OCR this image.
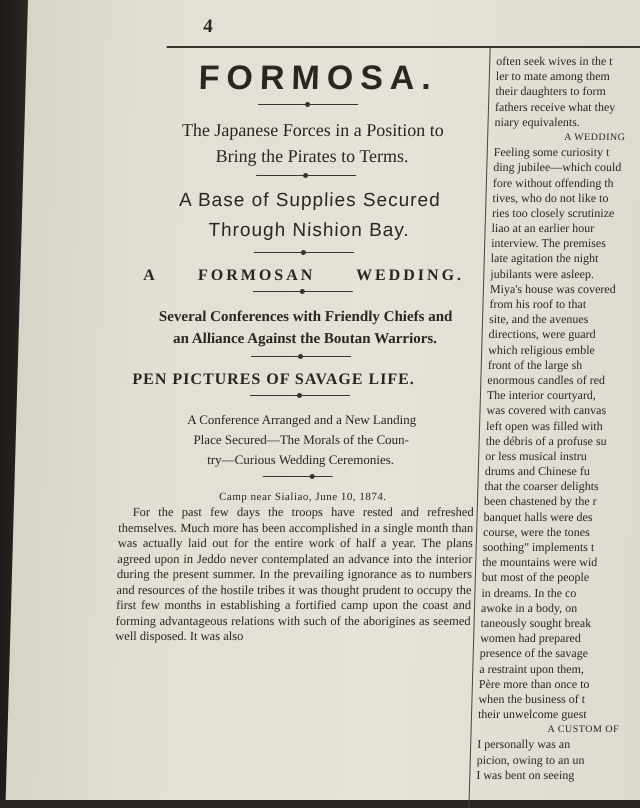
4
FORMOSA.
The Japanese Forces in a Position to
Bring the Pirates to Terms.
A Base of Supplies Secured
Through Nishion Bay.
A FORMOSAN WEDDING.
Several Conferences with Friendly Chiefs and
an Alliance Against the Boutan Warriors.
PEN PICTURES OF SAVAGE LIFE.
A Conference Arranged and a New Landing
Place Secured—The Morals of the Coun-
try—Curious Wedding Ceremonies.
Camp near Sialiao, June 10, 1874.

For the past few days the troops have rested and refreshed themselves. Much more has been accomplished in a single month than was actually laid out for the entire work of half a year. The plans agreed upon in Jeddo never contemplated an advance into the interior during the present summer. In the prevailing ignorance as to numbers and resources of the hostile tribes it was thought prudent to occupy the first few months in establishing a fortified camp upon the coast and forming advantageous relations with such of the aborigines as seemed well disposed. It was also

often seek wives in the t
ler to mate among them
their daughters to form
fathers receive what they
niary equivalents.
A WEDDING
Feeling some curiosity t
ding jubilee—which could
fore without offending th
tives, who do not like to
ries too closely scrutinize
liao at an earlier hour
interview. The premises
late agitation the night
jubilants were asleep.
Miya's house was covered
from his roof to that
site, and the avenues
directions, were guard
which religious emble
front of the large sh
enormous candles of red
The interior courtyard,
was covered with canvas
left open was filled with
the débris of a profuse su
or less musical instru
drums and Chinese fu
that the coarser delights
been chastened by the r
banquet halls were des
course, were the tones
soothing" implements t
the mountains were wid
but most of the people
in dreams. In the co
awoke in a body, on
taneously sought break
women had prepared
presence of the savage
a restraint upon them,
Père more than once to
when the business of t
their unwelcome guest
A CUSTOM OF
I personally was an
picion, owing to an un
I was bent on seeing
